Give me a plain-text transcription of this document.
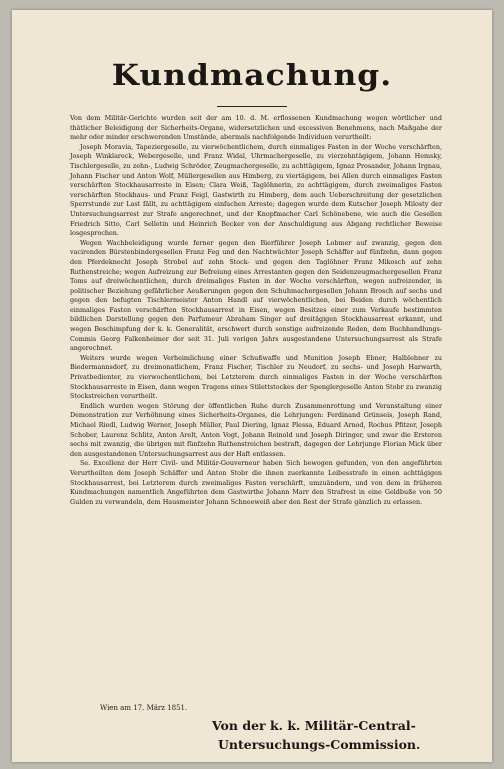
Kundmachung.

Von dem Militär-Gerichte wurden seit der am 10. d. M. erflossenen Kundmachung wegen wörtlicher und thätlicher Beleidigung der Sicherheits-Organe, widersetzlichen und excessiven Benehmens, nach Maßgabe der mehr oder minder erschwerenden Umstände, abermals nachfolgende Individuen verurtheilt:

Joseph Moravia, Tapeziergeselle, zu vierwöchentlichem, durch einmaliges Fasten in der Woche verschärften, Joseph Winklareck, Webergeselle, und Franz Widal, Uhrmachergeselle, zu vierzehntägigem, Johann Hemsky, Tischlergeselle, zu zehn-, Ludwig Schröder, Zeugmachergeselle, zu achttägigem, Ignaz Prosander, Johann Irgnau, Johann Fischer und Anton Wolf, Müllergesellen aus Himberg, zu viertägigem, bei Allen durch einmaliges Fasten verschärften Stockhausarreste in Eisen; Clara Weiß, Taglöhnerin, zu achttägigem, durch zweimaliges Fasten verschärften Stockhaus- und Franz Feigl, Gastwirth zu Himberg, dem auch Ueberschreitung der gesetzlichen Sperrstunde zur Last fällt, zu achttägigem einfachen Arreste; dagegen wurde dem Kutscher Joseph Milosty der Untersuchungsarrest zur Strafe angerechnet, und der Knopfmacher Carl Schönebene, wie auch die Gesellen Friedrich Sitto, Carl Selletin und Heinrich Becker von der Anschuldigung aus Abgang rechtlicher Beweise losgesprochen.

Wegen Wachbeleidigung wurde ferner gegen den Bierführer Joseph Lobmer auf zwanzig, gegen den vacirenden Bürstenbindergesellen Franz Feg und den Nachtwächter Joseph Schäffer auf fünfzehn, dann gegen den Pferdeknecht Joseph Strobel auf zehn Stock- und gegen den Taglöhner Franz Mikosch auf zehn Ruthenstreiche; wegen Aufreizung zur Befreiung eines Arrestanten gegen den Seidenzeugmachergesellen Franz Toms auf dreiwöchentlichen, durch dreimaliges Fasten in der Woche verschärften, wegen aufreizender, in politischer Beziehung gefährlicher Aeußerungen gegen den Schuhmachergesellen Johann Brosch auf sechs und gegen den befugten Tischlermeister Anton Handl auf vierwöchentlichen, bei Beiden durch wöchentlich einmaliges Fasten verschärften Stockhausarrest in Eisen, wegen Besitzes einer zum Verkaufe bestimmten bildlichen Darstellung gegen den Parfumeur Abraham Singer auf dreitägigen Stockhausarrest erkannt, und wegen Beschimpfung der k. k. Generalität, erschwert durch sonstige aufreizende Reden, dem Buchhandlungs-Commis Georg Falkenheimer der seit 31. Juli vorigen Jahrs ausgestandene Untersuchungsarrest als Strafe angerechnet.

Weiters wurde wegen Verheimlichung einer Schußwaffe und Munition Joseph Ebner, Halblehner zu Biedermannsdorf, zu dreimonatlichem, Franz Fischer, Tischler zu Neudorf, zu sechs- und Joseph Harwarth, Privatbedienter, zu vierwochentlichem, bei Letzterem durch einmaliges Fasten in der Woche verschärften Stockhausarreste in Eisen, dann wegen Tragens eines Stilettstockes der Spenglergeselle Anton Stobr zu zwanzig Stockstreichen verurtheilt.

Endlich wurden wegen Störung der öffentlichen Ruhe durch Zusammenrottung und Veranstaltung einer Demonstration zur Verhöhnung eines Sicherheits-Organes, die Lehrjungen: Ferdinand Grünseis, Joseph Rand, Michael Riedl, Ludwig Werner, Joseph Müller, Paul Diering, Ignaz Plessa, Eduard Arnod, Rochus Pfitzer, Joseph Schober, Laurenz Schlitz, Anton Arelt, Anton Vogt, Johann Reinold und Joseph Diringer, und zwar die Ersteren sechs mit zwanzig, die übrigen mit fünfzehn Ruthenstreichen bestraft, dagegen der Lehrjunge Florian Mick über den ausgestandenen Untersuchungsarrest aus der Haft entlassen.

Se. Excellenz der Herr Civil- und Militär-Gouverneur haben Sich bewogen gefunden, von den angeführten Verurtheilten dem Joseph Schäffer und Anton Stobr die ihnen zuerkannte Leibesstrafe in einen achttägigen Stockhausarrest, bei Letzterem durch zweimaliges Fasten verschärft, umzuändern, und von dem in früheren Kundmachungen namentlich Angeführten dem Gastwirthe Johann Marr den Strafrest in eine Geldbuße von 50 Gulden zu verwandeln, dem Hausmeister Johann Schneeweiß aber den Rest der Strafe gänzlich zu erlassen.

Wien am 17. März 1851.
Von der k. k. Militär-Central-
Untersuchungs-Commission.
